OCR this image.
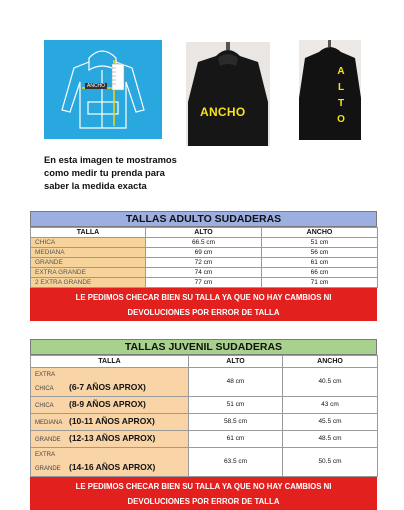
ANCHO
ANCHO
A
L
T
O
En esta imagen te mostramos
como medir tu prenda para
saber la medida exacta
TALLAS ADULTO SUDADERAS
TALLA	ALTO	ANCHO
CHICA	66.5 cm	51 cm
MEDIANA	69 cm	56 cm
GRANDE	72 cm	61 cm
EXTRA GRANDE	74 cm	66 cm
2 EXTRA GRANDE	77 cm	71 cm
LE PEDIMOS CHECAR BIEN SU TALLA YA QUE NO HAY CAMBIOS NI
DEVOLUCIONES POR ERROR DE TALLA
TALLAS JUVENIL SUDADERAS
TALLA	ALTO	ANCHO
EXTRA CHICA (6-7 AÑOS APROX)	48 cm	40.5 cm
CHICA (8-9 AÑOS APROX)	51 cm	43 cm
MEDIANA (10-11 AÑOS APROX)	58.5 cm	45.5 cm
GRANDE (12-13 AÑOS APROX)	61 cm	48.5 cm
EXTRA GRANDE (14-16 AÑOS APROX)	63.5 cm	50.5 cm
LE PEDIMOS CHECAR BIEN SU TALLA YA QUE NO HAY CAMBIOS NI
DEVOLUCIONES POR ERROR DE TALLA
